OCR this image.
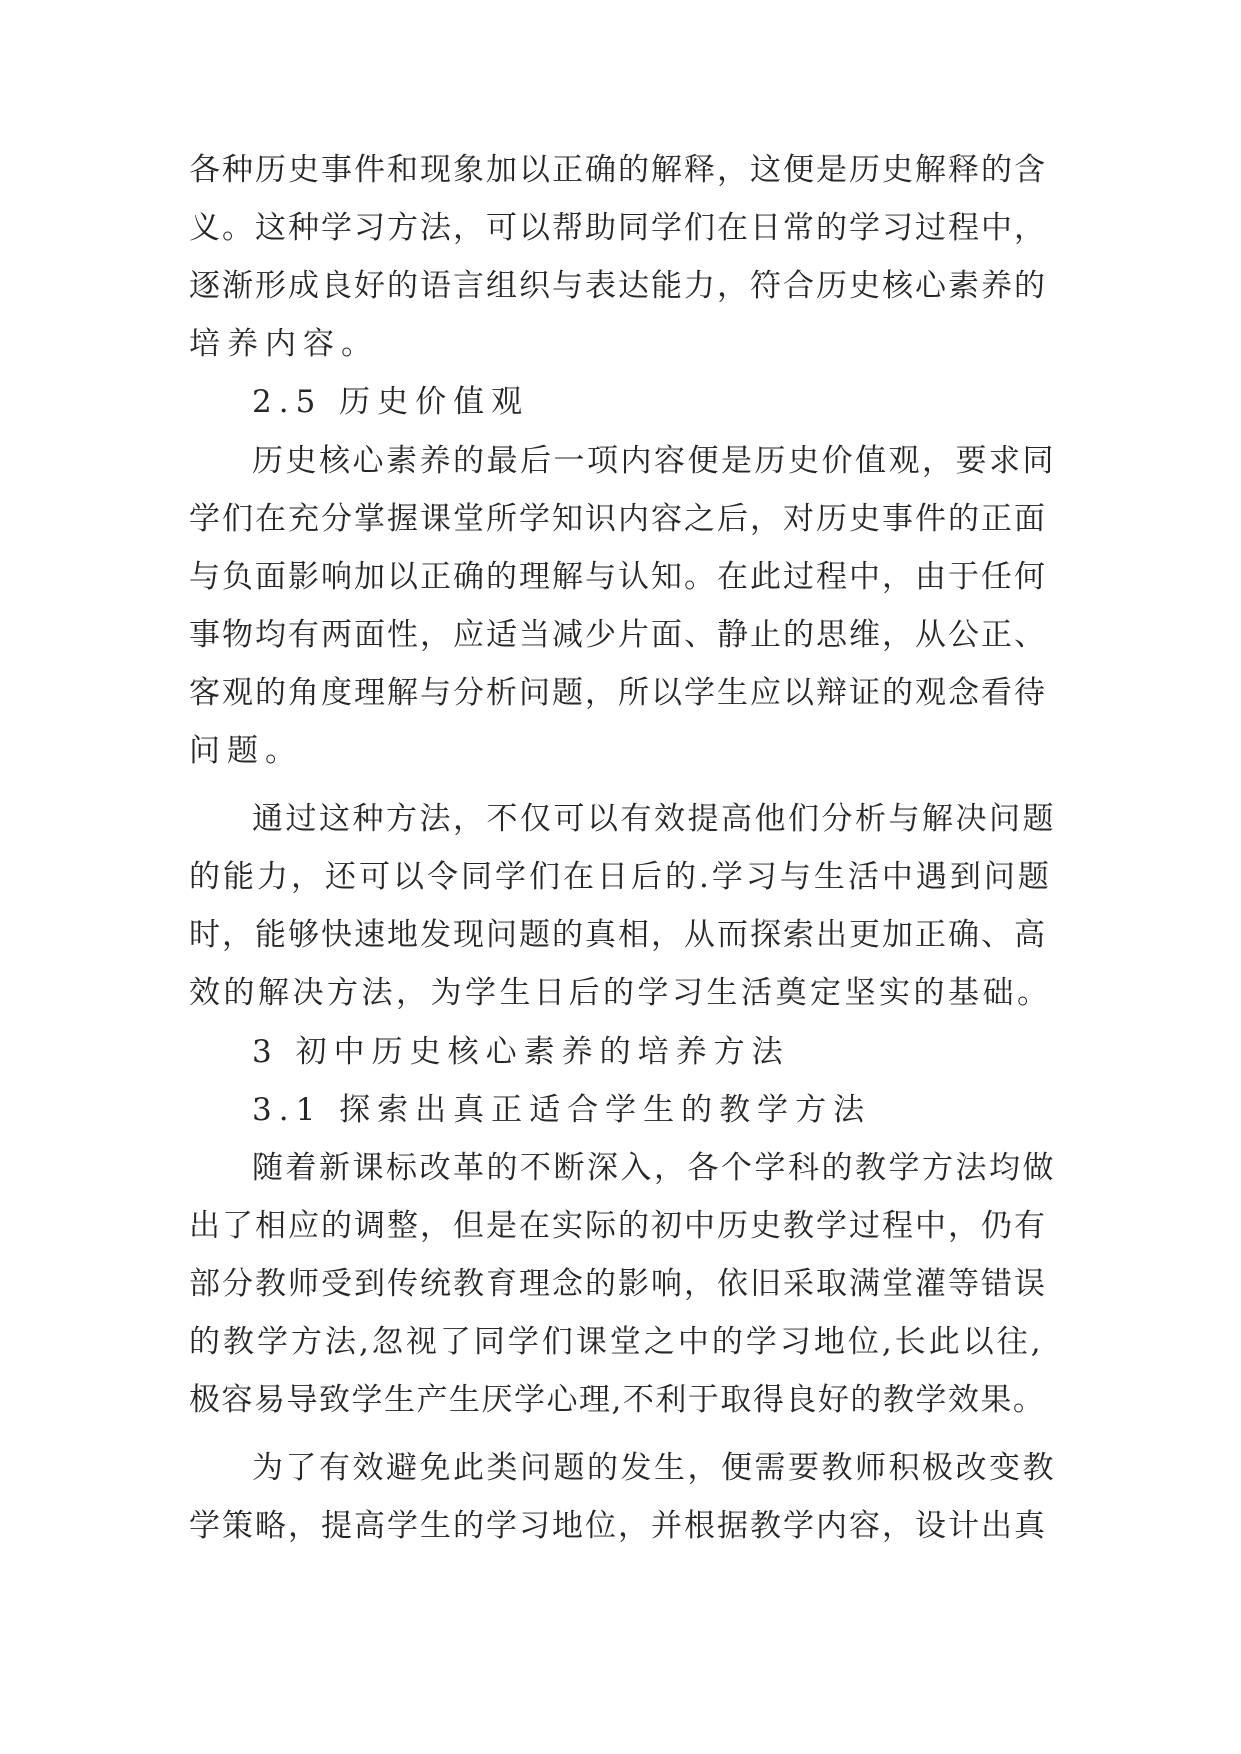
各种历史事件和现象加以正确的解释，这便是历史解释的含
义。这种学习方法，可以帮助同学们在日常的学习过程中，
逐渐形成良好的语言组织与表达能力，符合历史核心素养的
培养内容。
2.5 历史价值观
历史核心素养的最后一项内容便是历史价值观，要求同
学们在充分掌握课堂所学知识内容之后，对历史事件的正面
与负面影响加以正确的理解与认知。在此过程中，由于任何
事物均有两面性，应适当减少片面、静止的思维，从公正、
客观的角度理解与分析问题，所以学生应以辩证的观念看待
问题。
通过这种方法，不仅可以有效提高他们分析与解决问题
的能力，还可以令同学们在日后的.学习与生活中遇到问题
时，能够快速地发现问题的真相，从而探索出更加正确、高
效的解决方法，为学生日后的学习生活奠定坚实的基础。
3 初中历史核心素养的培养方法
3.1 探索出真正适合学生的教学方法
随着新课标改革的不断深入，各个学科的教学方法均做
出了相应的调整，但是在实际的初中历史教学过程中，仍有
部分教师受到传统教育理念的影响，依旧采取满堂灌等错误
的教学方法,忽视了同学们课堂之中的学习地位,长此以往,
极容易导致学生产生厌学心理,不利于取得良好的教学效果。
为了有效避免此类问题的发生，便需要教师积极改变教
学策略，提高学生的学习地位，并根据教学内容，设计出真
